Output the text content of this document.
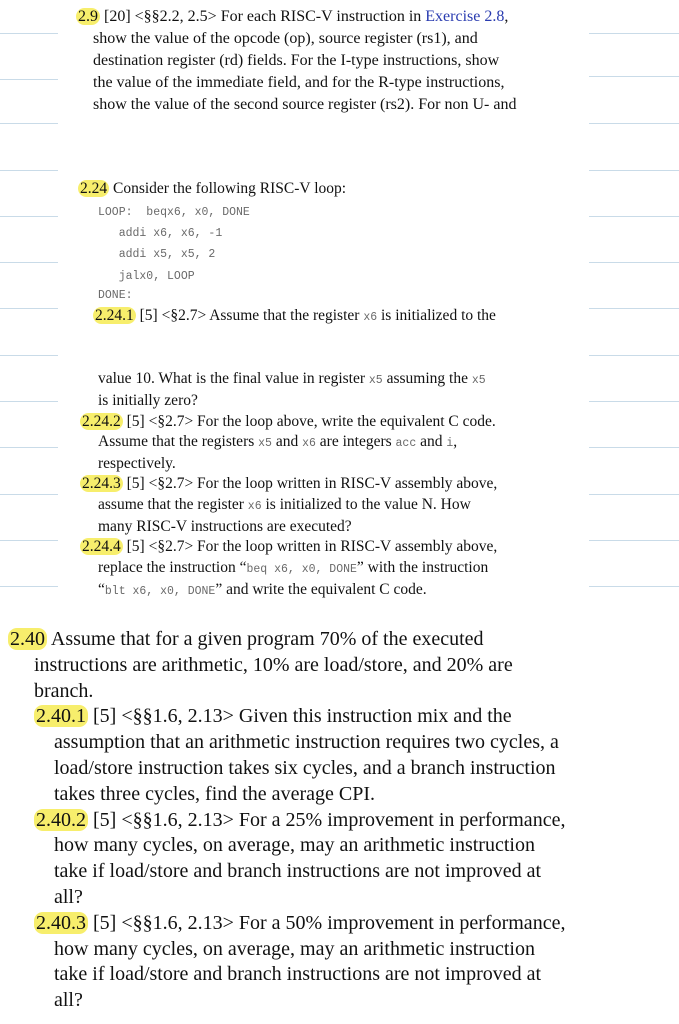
2.9 [20] <§§2.2, 2.5> For each RISC-V instruction in Exercise 2.8,
show the value of the opcode (op), source register (rs1), and
destination register (rd) fields. For the I-type instructions, show
the value of the immediate field, and for the R-type instructions,
show the value of the second source register (rs2). For non U- and
2.24 Consider the following RISC-V loop:
LOOP:  beqx6, x0, DONE
addi x6, x6, -1
addi x5, x5, 2
jalx0, LOOP
DONE:
2.24.1 [5] <§2.7> Assume that the register x6 is initialized to the
value 10. What is the final value in register x5 assuming the x5
is initially zero?
2.24.2 [5] <§2.7> For the loop above, write the equivalent C code.
Assume that the registers x5 and x6 are integers acc and i,
respectively.
2.24.3 [5] <§2.7> For the loop written in RISC-V assembly above,
assume that the register x6 is initialized to the value N. How
many RISC-V instructions are executed?
2.24.4 [5] <§2.7> For the loop written in RISC-V assembly above,
replace the instruction “beq x6, x0, DONE” with the instruction
“blt x6, x0, DONE” and write the equivalent C code.
2.40 Assume that for a given program 70% of the executed
instructions are arithmetic, 10% are load/store, and 20% are
branch.
2.40.1 [5] <§§1.6, 2.13> Given this instruction mix and the
assumption that an arithmetic instruction requires two cycles, a
load/store instruction takes six cycles, and a branch instruction
takes three cycles, find the average CPI.
2.40.2 [5] <§§1.6, 2.13> For a 25% improvement in performance,
how many cycles, on average, may an arithmetic instruction
take if load/store and branch instructions are not improved at
all?
2.40.3 [5] <§§1.6, 2.13> For a 50% improvement in performance,
how many cycles, on average, may an arithmetic instruction
take if load/store and branch instructions are not improved at
all?
